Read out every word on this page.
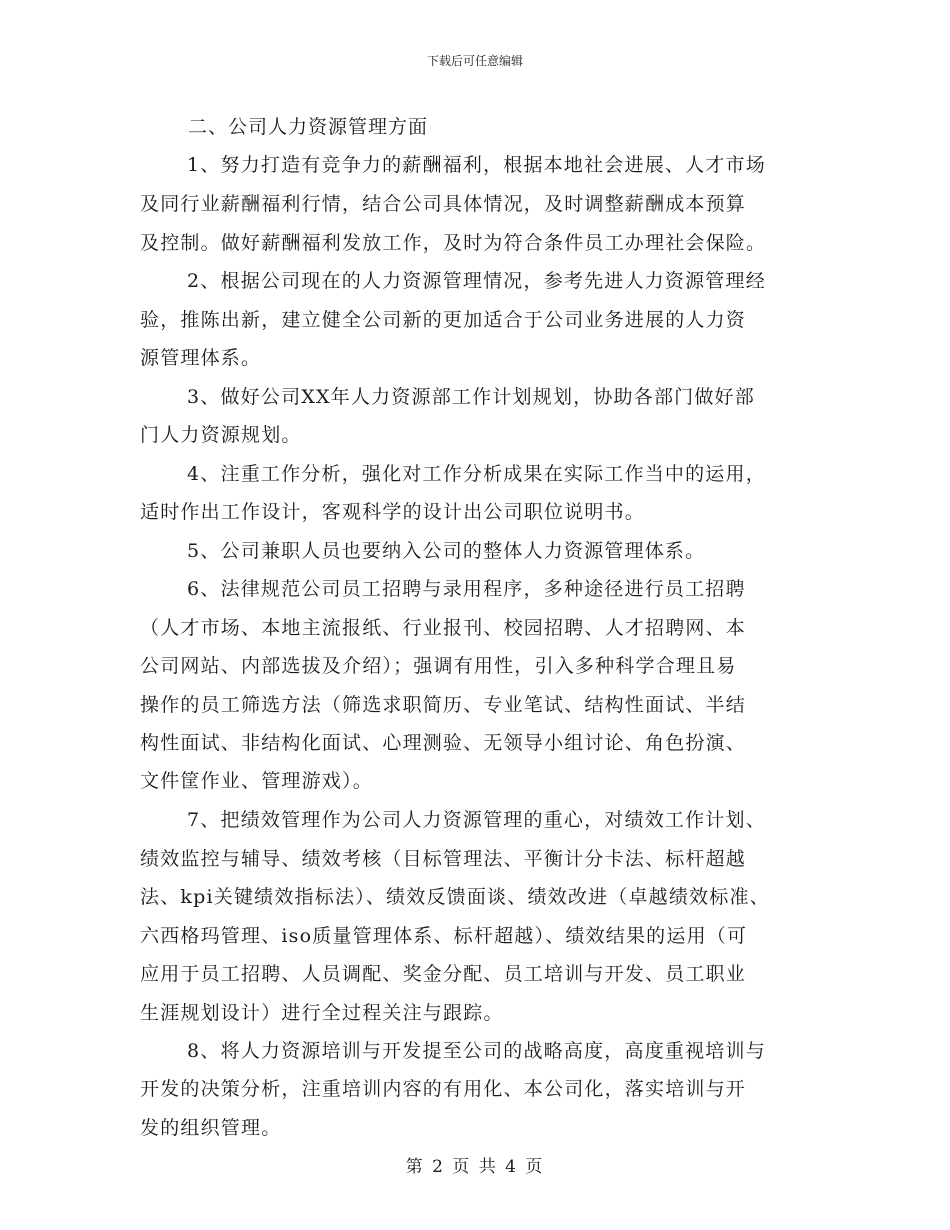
下载后可任意编辑
二、公司人力资源管理方面
1、努力打造有竞争力的薪酬福利，根据本地社会进展、人才市场
及同行业薪酬福利行情，结合公司具体情况，及时调整薪酬成本预算
及控制。做好薪酬福利发放工作，及时为符合条件员工办理社会保险。
2、根据公司现在的人力资源管理情况，参考先进人力资源管理经
验，推陈出新，建立健全公司新的更加适合于公司业务进展的人力资
源管理体系。
3、做好公司XX年人力资源部工作计划规划，协助各部门做好部
门人力资源规划。
4、注重工作分析，强化对工作分析成果在实际工作当中的运用，
适时作出工作设计，客观科学的设计出公司职位说明书。
5、公司兼职人员也要纳入公司的整体人力资源管理体系。
6、法律规范公司员工招聘与录用程序，多种途径进行员工招聘
（人才市场、本地主流报纸、行业报刊、校园招聘、人才招聘网、本
公司网站、内部选拔及介绍）；强调有用性，引入多种科学合理且易
操作的员工筛选方法（筛选求职简历、专业笔试、结构性面试、半结
构性面试、非结构化面试、心理测验、无领导小组讨论、角色扮演、
文件筐作业、管理游戏）。
7、把绩效管理作为公司人力资源管理的重心，对绩效工作计划、
绩效监控与辅导、绩效考核（目标管理法、平衡计分卡法、标杆超越
法、kpi关键绩效指标法）、绩效反馈面谈、绩效改进（卓越绩效标准、
六西格玛管理、iso质量管理体系、标杆超越）、绩效结果的运用（可
应用于员工招聘、人员调配、奖金分配、员工培训与开发、员工职业
生涯规划设计）进行全过程关注与跟踪。
8、将人力资源培训与开发提至公司的战略高度，高度重视培训与
开发的决策分析，注重培训内容的有用化、本公司化，落实培训与开
发的组织管理。
第 2 页 共 4 页
